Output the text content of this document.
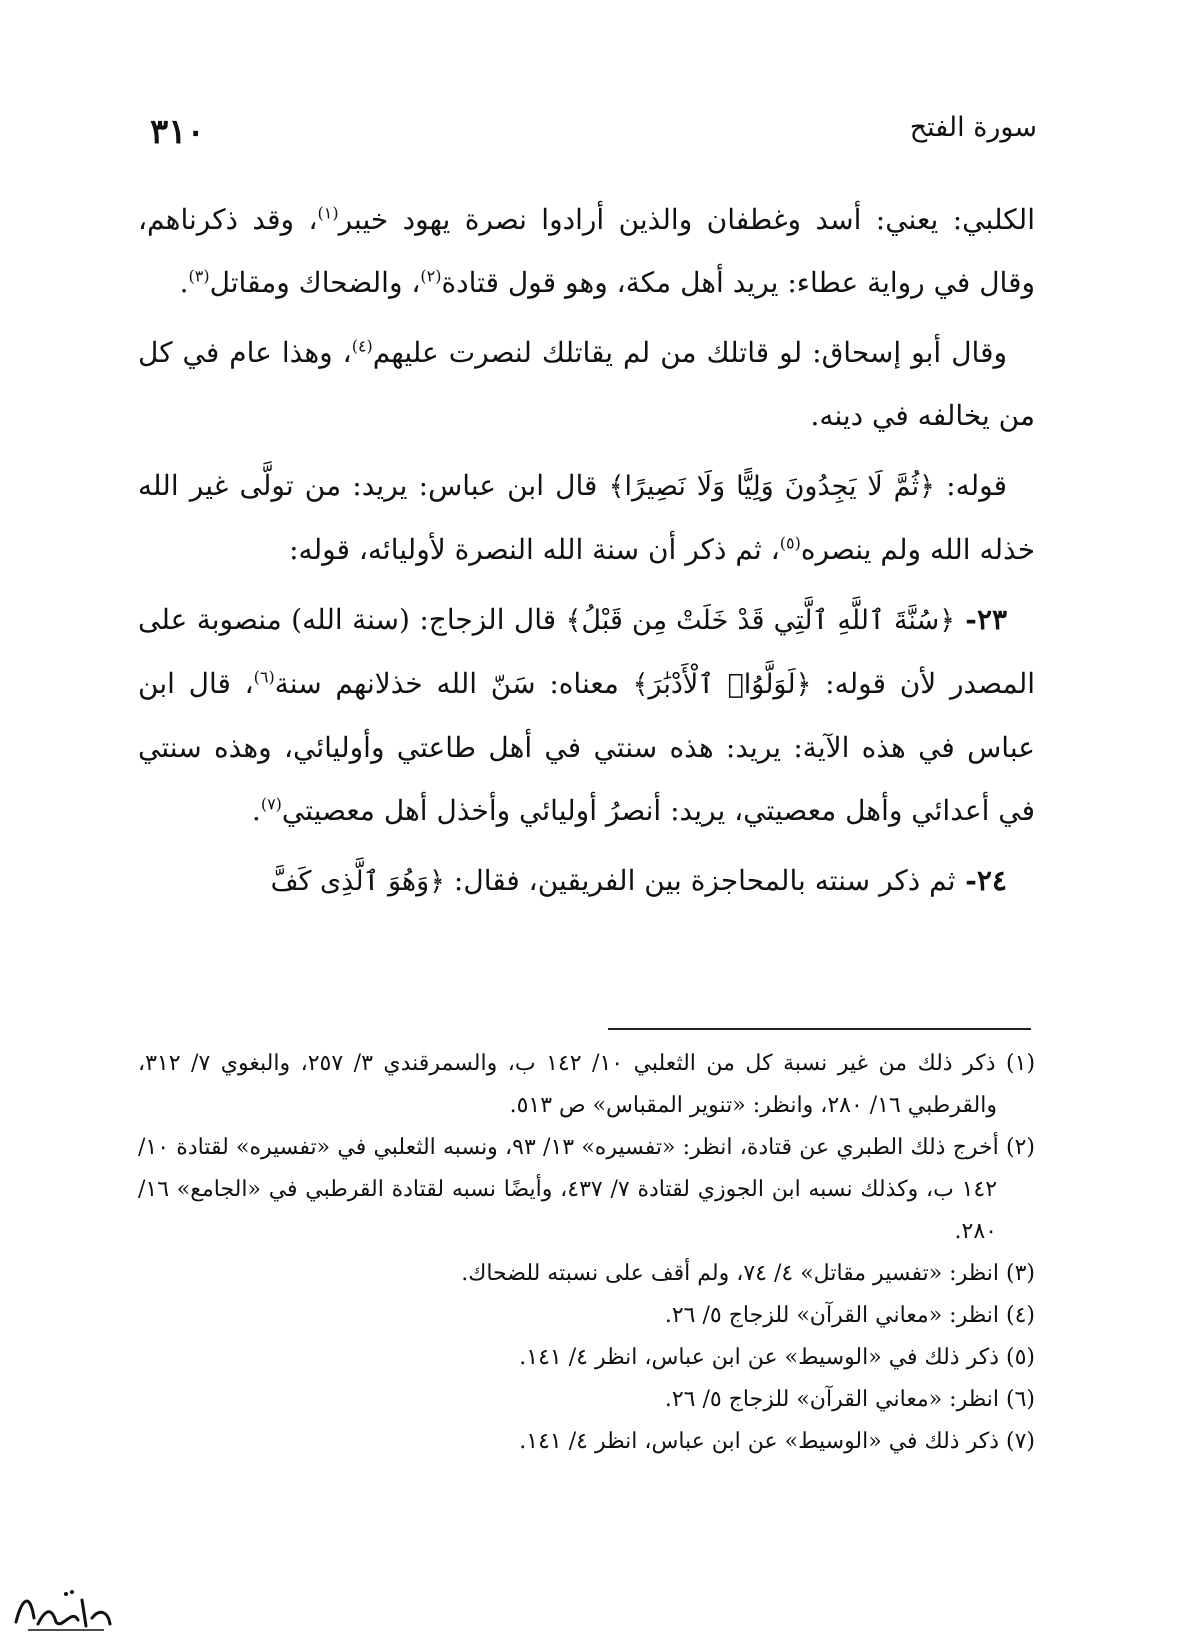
٣١٠	سورة الفتح

الكلبي: يعني: أسد وغطفان والذين أرادوا نصرة يهود خيبر$^{(١)}$، وقد ذكرناهم، وقال في رواية عطاء: يريد أهل مكة، وهو قول قتادة$^{(٢)}$، والضحاك ومقاتل$^{(٣)}$.

وقال أبو إسحاق: لو قاتلك من لم يقاتلك لنصرت عليهم$^{(٤)}$، وهذا عام في كل من يخالفه في دينه.

قوله: ﴿ثُمَّ لَا يَجِدُونَ وَلِيًّا وَلَا نَصِيرًا﴾ قال ابن عباس: يريد: من تولَّى غير الله خذله الله ولم ينصره$^{(٥)}$، ثم ذكر أن سنة الله النصرة لأوليائه، قوله:

٢٣- ﴿سُنَّةَ ٱللَّهِ ٱلَّتِي قَدْ خَلَتْ مِن قَبْلُ﴾ قال الزجاج: (سنة الله) منصوبة على المصدر لأن قوله: ﴿لَوَلَّوُا۟ ٱلْأَدْبَٰرَ﴾ معناه: سَنّ الله خذلانهم سنة$^{(٦)}$، قال ابن عباس في هذه الآية: يريد: هذه سنتي في أهل طاعتي وأوليائي، وهذه سنتي في أعدائي وأهل معصيتي، يريد: أنصرُ أوليائي وأخذل أهل معصيتي$^{(٧)}$.

٢٤- ثم ذكر سنته بالمحاجزة بين الفريقين، فقال: ﴿وَهُوَ ٱلَّذِى كَفَّ

(١) ذكر ذلك من غير نسبة كل من الثعلبي ١٠/ ١٤٢ ب، والسمرقندي ٣/ ٢٥٧، والبغوي ٧/ ٣١٢، والقرطبي ١٦/ ٢٨٠، وانظر: «تنوير المقباس» ص ٥١٣.

(٢) أخرج ذلك الطبري عن قتادة، انظر: «تفسيره» ١٣/ ٩٣، ونسبه الثعلبي في «تفسيره» لقتادة ١٠/ ١٤٢ ب، وكذلك نسبه ابن الجوزي لقتادة ٧/ ٤٣٧، وأيضًا نسبه لقتادة القرطبي في «الجامع» ١٦/ ٢٨٠.

(٣) انظر: «تفسير مقاتل» ٤/ ٧٤، ولم أقف على نسبته للضحاك.

(٤) انظر: «معاني القرآن» للزجاج ٥/ ٢٦.

(٥) ذكر ذلك في «الوسيط» عن ابن عباس، انظر ٤/ ١٤١.

(٦) انظر: «معاني القرآن» للزجاج ٥/ ٢٦.

(٧) ذكر ذلك في «الوسيط» عن ابن عباس، انظر ٤/ ١٤١.
